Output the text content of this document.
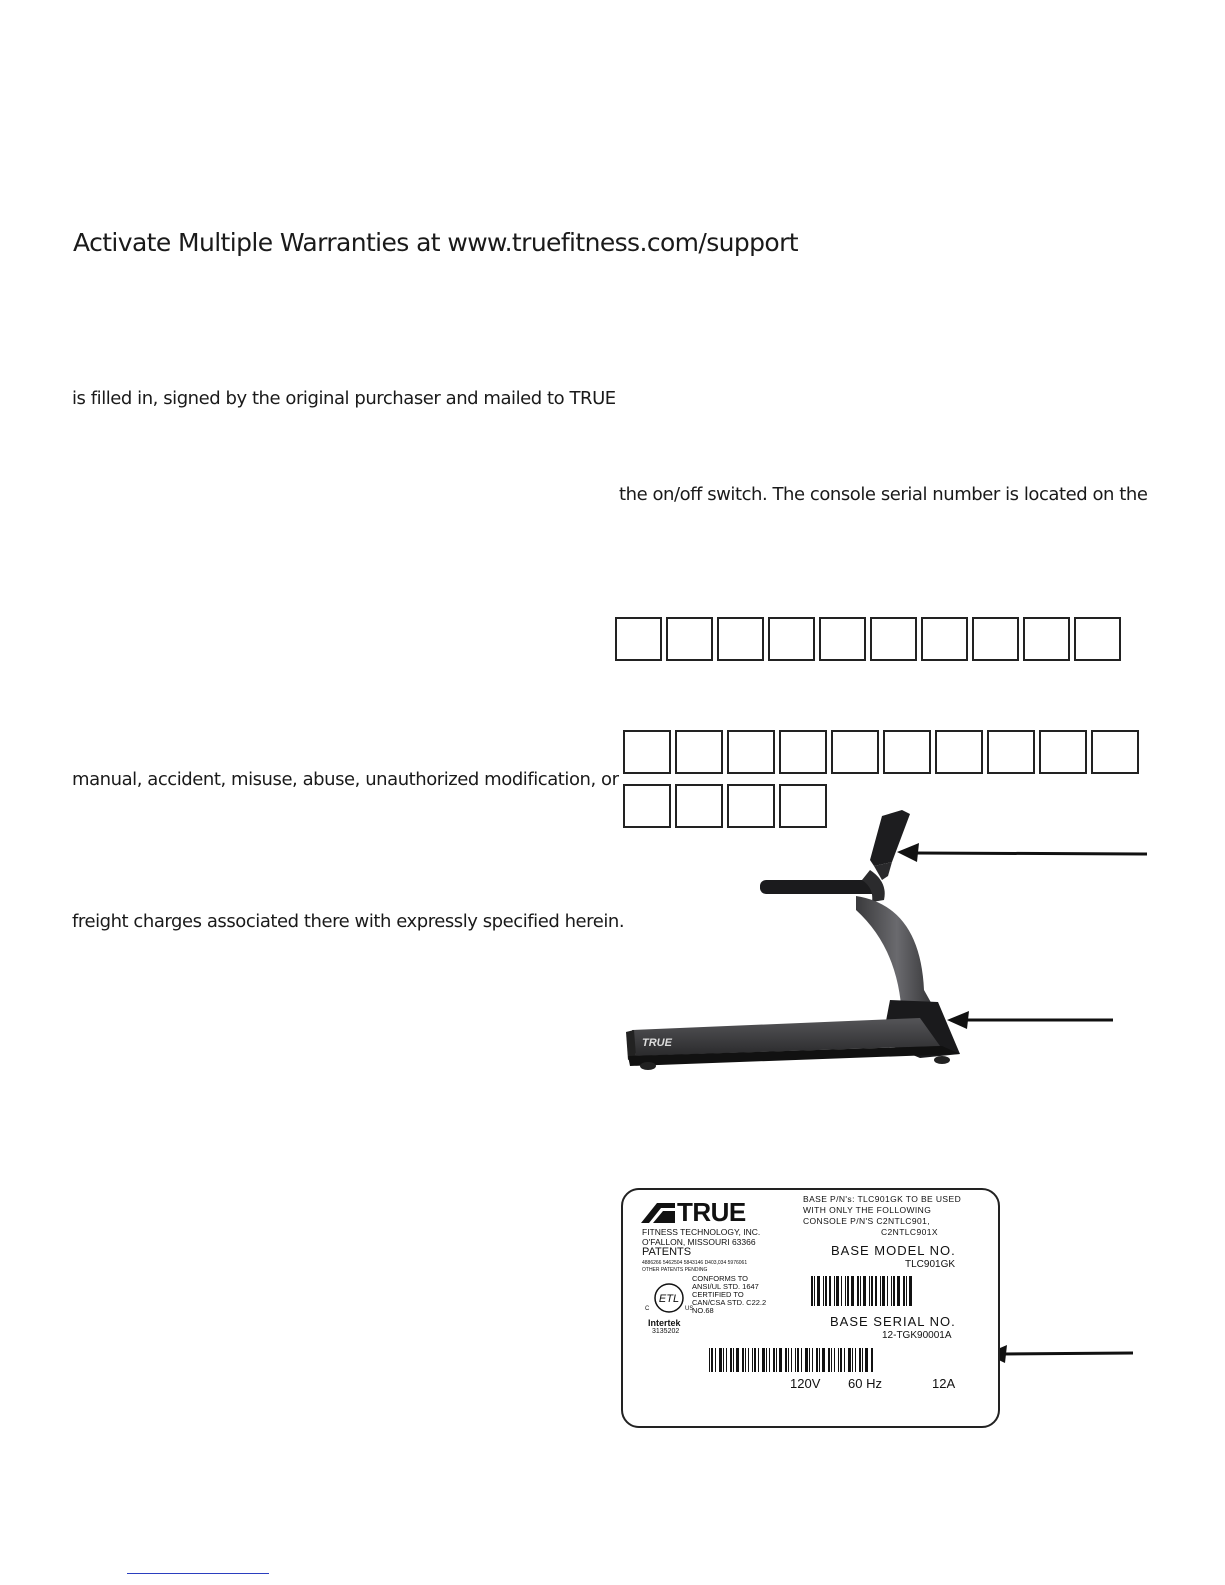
Activate Multiple Warranties at www.truefitness.com/support
is filled in, signed by the original purchaser and mailed to TRUE
the on/off switch. The console serial number is located on the
manual, accident, misuse, abuse, unauthorized modification, or
freight charges associated there with expressly specified herein.
TRUE
TRUE
FITNESS TECHNOLOGY, INC.
O'FALLON, MISSOURI 63366
PATENTS
4886266 5462504 5843146 D403,034 5976061
OTHER PATENTS PENDING
ETL
C	US
Intertek
3135202
CONFORMS TO
ANSI/UL STD. 1647
CERTIFIED TO
CAN/CSA STD. C22.2
NO.68
BASE P/N's: TLC901GK TO BE USED
WITH ONLY THE FOLLOWING
CONSOLE P/N'S C2NTLC901,
C2NTLC901X
BASE MODEL NO.
TLC901GK
BASE SERIAL NO.
12-TGK90001A
120V 60 Hz	12A
